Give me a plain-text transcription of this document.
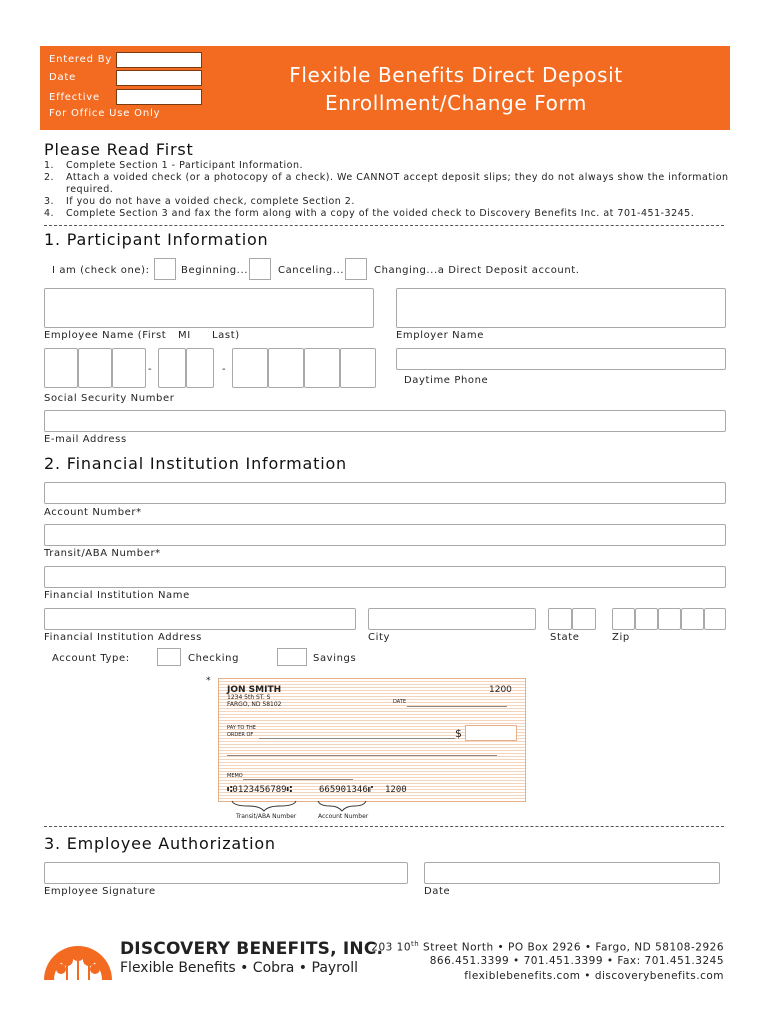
Entered By
Date
Effective
For Office Use Only
Flexible Benefits Direct Deposit
Enrollment/Change Form
Please Read First
1. Complete Section 1 - Participant Information.
2. Attach a voided check (or a photocopy of a check). We CANNOT accept deposit slips; they do not always show the information required.
3. If you do not have a voided check, complete Section 2.
4. Complete Section 3 and fax the form along with a copy of the voided check to Discovery Benefits Inc. at 701-451-3245.
1. Participant Information
I am (check one):	Beginning...	Canceling...	Changing...a Direct Deposit account.
Employee Name (First MI Last)	Employer Name
-	-
Social Security Number
Daytime Phone
E-mail Address
2. Financial Institution Information
Account Number*
Transit/ABA Number*
Financial Institution Name
Financial Institution Address	City	State	Zip
Account Type:	Checking	Savings
*
JON SMITH
1234 5th ST. S
FARGO, ND 58102
1200
DATE
PAY TO THE
ORDER OF	$
MEMO
⑆0123456789⑆	665901346⑈ 1200
Transit/ABA Number	Account Number
3. Employee Authorization
Employee Signature	Date
DISCOVERY BENEFITS, INC.
Flexible Benefits • Cobra • Payroll
203 10th Street North • PO Box 2926 • Fargo, ND 58108-2926
866.451.3399 • 701.451.3399 • Fax: 701.451.3245
flexiblebenefits.com • discoverybenefits.com
